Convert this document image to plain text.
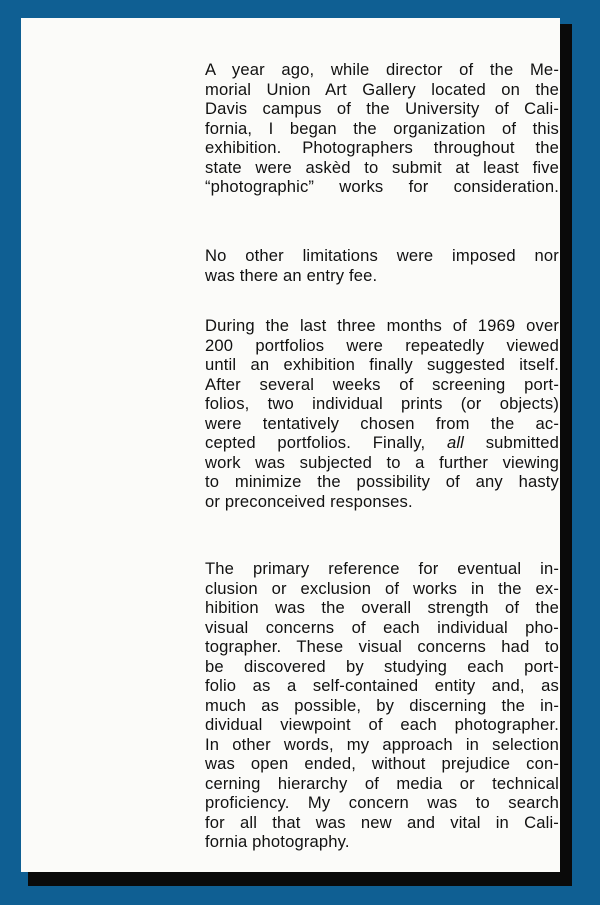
A year ago, while director of the Me-
morial Union Art Gallery located on the
Davis campus of the University of Cali-
fornia, I began the organization of this
exhibition. Photographers throughout the
state were askèd to submit at least five
“photographic” works for consideration.
No other limitations were imposed nor
was there an entry fee.
During the last three months of 1969 over
200 portfolios were repeatedly viewed
until an exhibition finally suggested itself.
After several weeks of screening port-
folios, two individual prints (or objects)
were tentatively chosen from the ac-
cepted portfolios. Finally, all submitted
work was subjected to a further viewing
to minimize the possibility of any hasty
or preconceived responses.
The primary reference for eventual in-
clusion or exclusion of works in the ex-
hibition was the overall strength of the
visual concerns of each individual pho-
tographer. These visual concerns had to
be discovered by studying each port-
folio as a self-contained entity and, as
much as possible, by discerning the in-
dividual viewpoint of each photographer.
In other words, my approach in selection
was open ended, without prejudice con-
cerning hierarchy of media or technical
proficiency. My concern was to search
for all that was new and vital in Cali-
fornia photography.
